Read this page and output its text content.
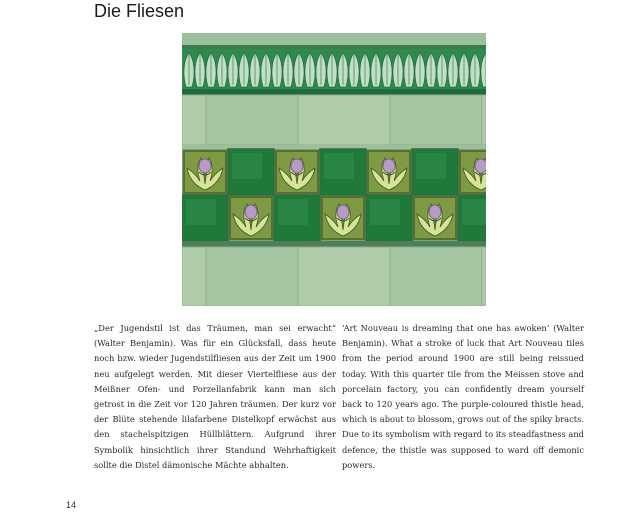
Die Fliesen

„Der Jugendstil ist das Träumen, man sei erwacht“ (Walter Benjamin). Was für ein Glücksfall, dass heute noch bzw. wieder Jugendstilfliesen aus der Zeit um 1900 neu aufgelegt werden. Mit dieser Viertelfliese aus der Meißner Ofen- und Porzellanfabrik kann man sich getrost in die Zeit vor 120 Jahren träumen. Der kurz vor der Blüte stehende lilafarbene Distelkopf erwächst aus den stachelspitzigen Hüllblättern. Aufgrund ihrer Symbolik hinsichtlich ihrer Standund Wehrhaftigkeit sollte die Distel dämonische Mächte abhalten.

‘Art Nouveau is dreaming that one has awoken’ (Walter Benjamin). What a stroke of luck that Art Nouveau tiles from the period around 1900 are still being reissued today. With this quarter tile from the Meissen stove and porcelain factory, you can confidently dream yourself back to 120 years ago. The purple-coloured thistle head, which is about to blossom, grows out of the spiky bracts. Due to its symbolism with regard to its steadfastness and defence, the thistle was supposed to ward off demonic powers.

14
